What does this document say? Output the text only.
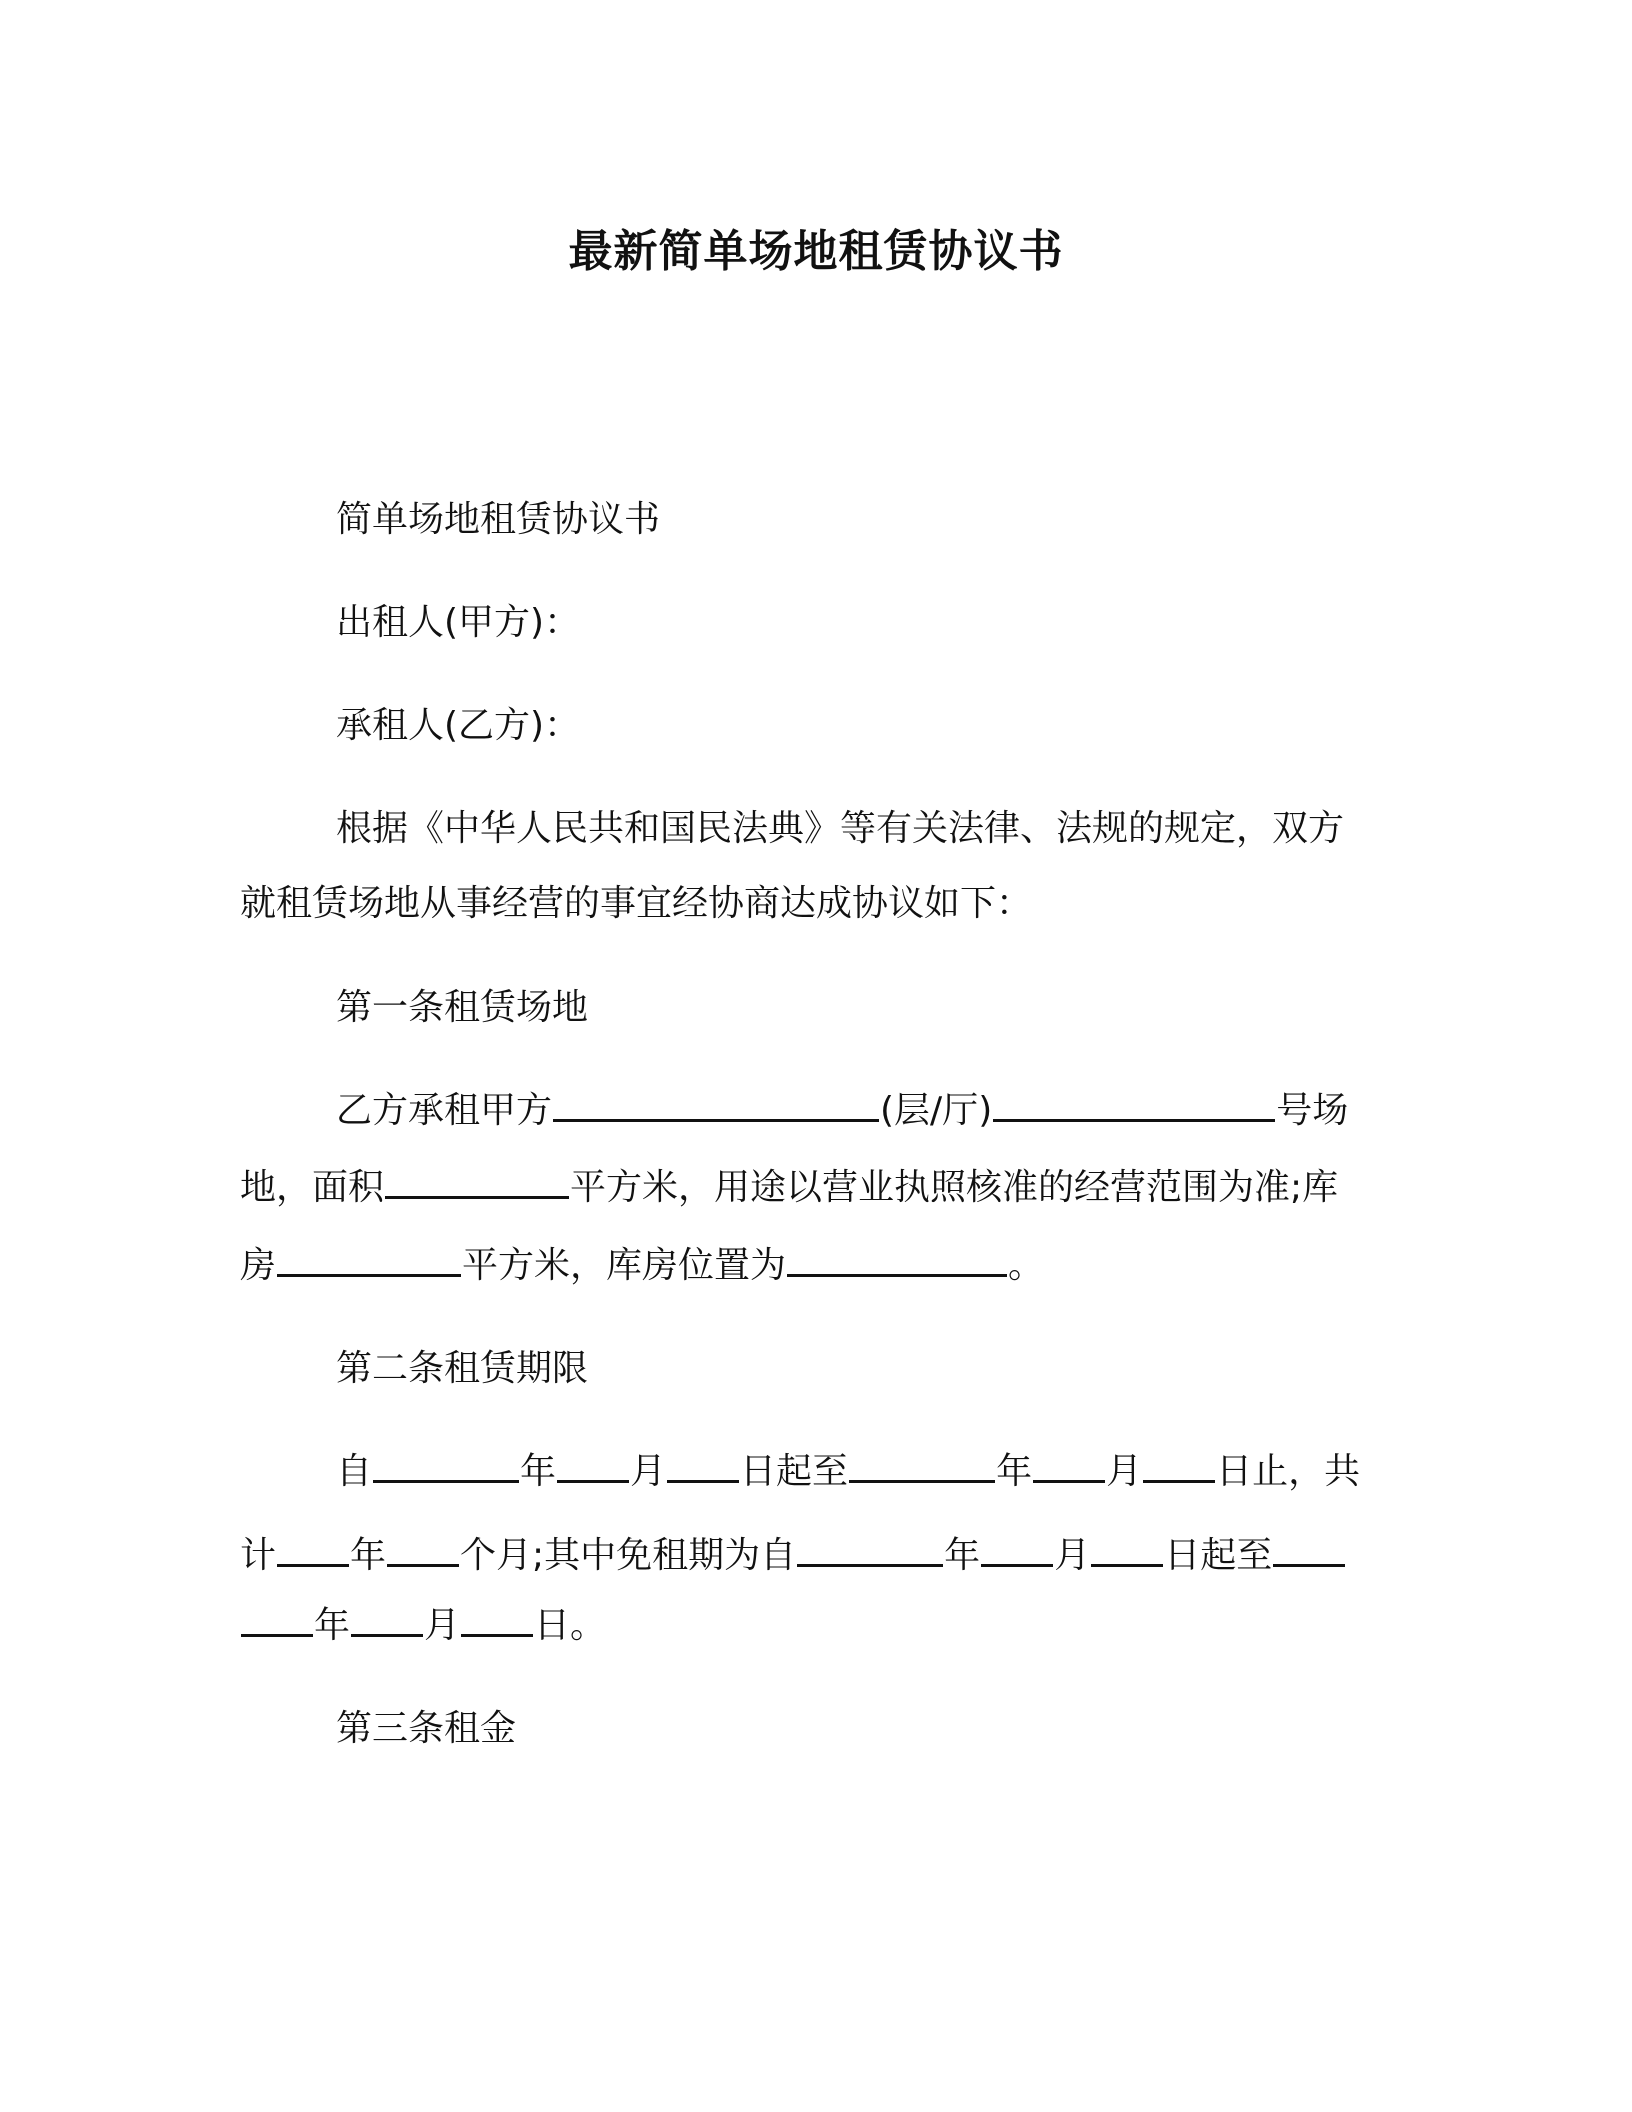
最新简单场地租赁协议书
简单场地租赁协议书
出租人(甲方)：
承租人(乙方)：
根据《中华人民共和国民法典》等有关法律、法规的规定，双方
就租赁场地从事经营的事宜经协商达成协议如下：
第一条租赁场地
乙方承租甲方	(层/厅)	号场
地，面积	平方米，用途以营业执照核准的经营范围为准;库
房	平方米，库房位置为	。
第二条租赁期限
自	年 月 日起至	年 月 日止，共
计 年 个月;其中免租期为自	年 月 日起至
年 月 日。
第三条租金
